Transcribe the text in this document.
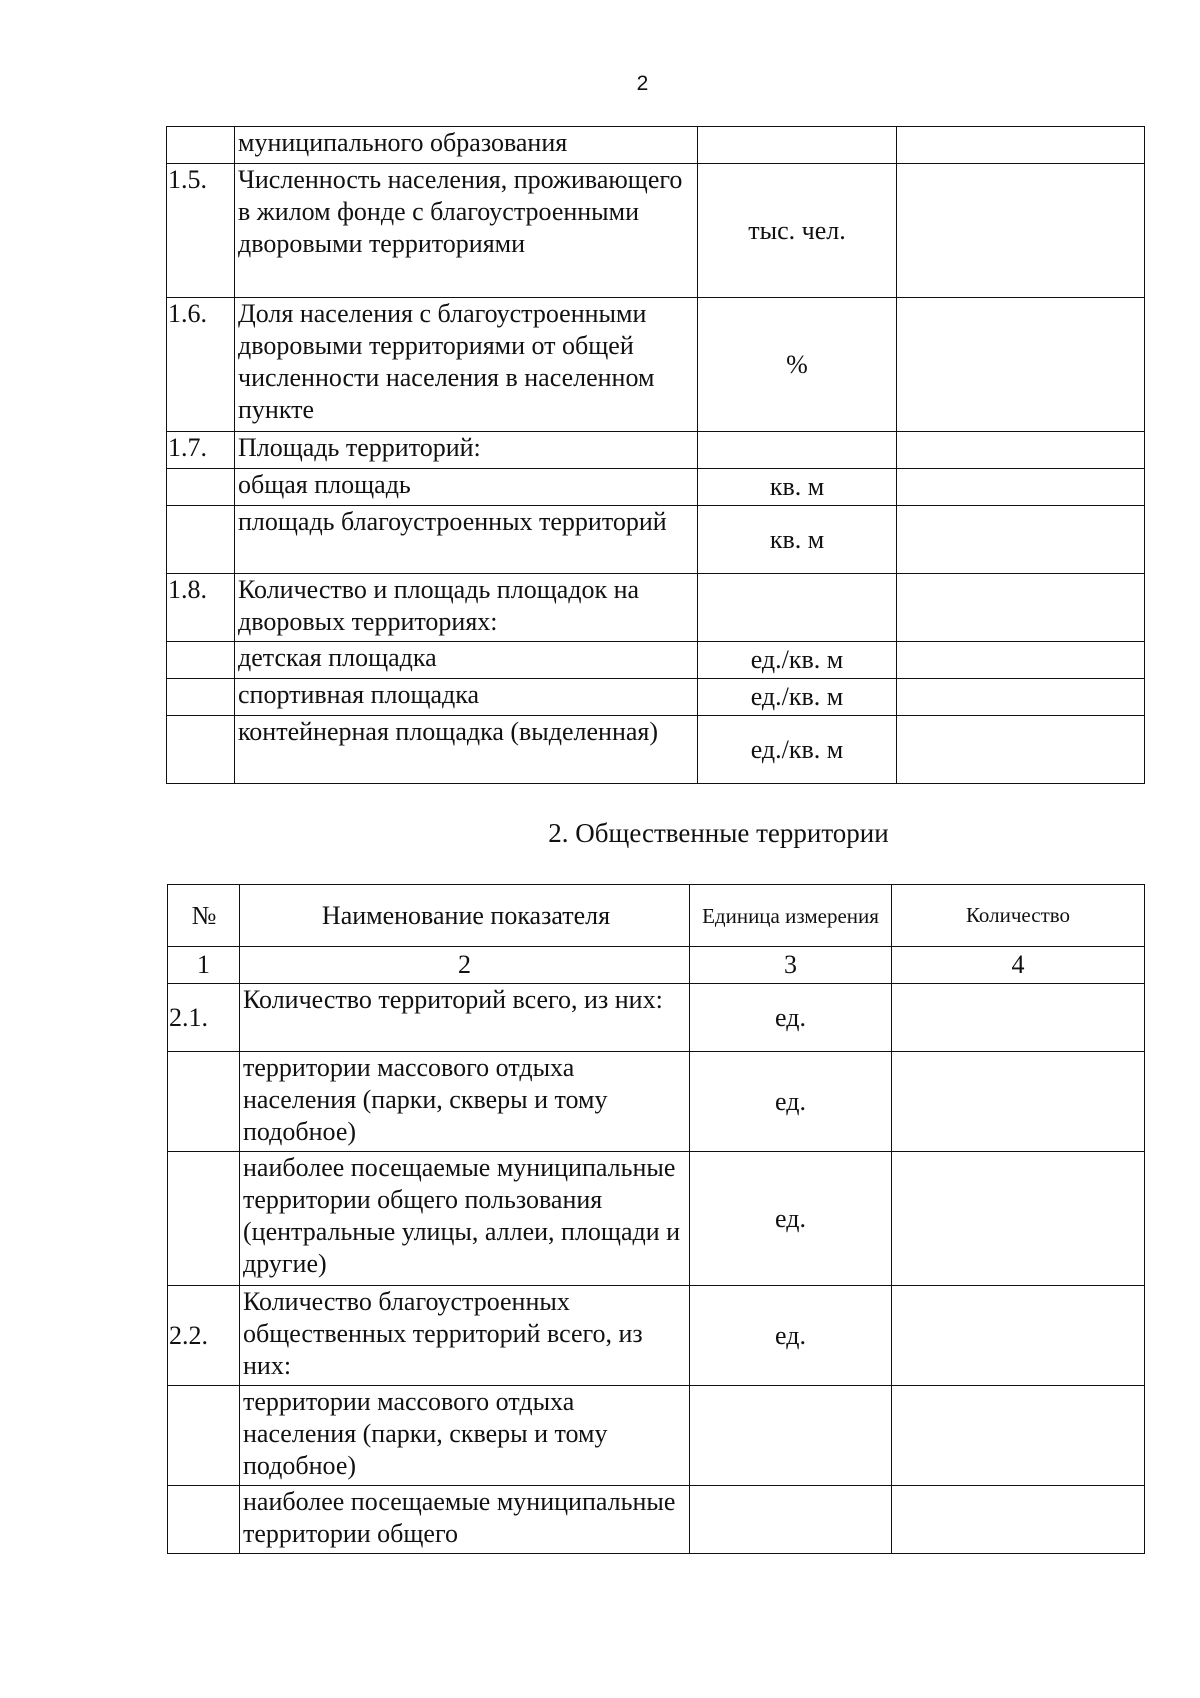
2
	муниципального образования		
1.5.	Численность населения, проживающего в жилом фонде с благоустроенными дворовыми территориями	тыс. чел.	
1.6.	Доля населения с благоустроенными дворовыми территориями от общей численности населения в населенном пункте	%	
1.7.	Площадь территорий:		
	общая площадь	кв. м	
	площадь благоустроенных территорий	кв. м	
1.8.	Количество и площадь площадок на дворовых территориях:		
	детская площадка	ед./кв. м	
	спортивная площадка	ед./кв. м	
	контейнерная площадка (выделенная)	ед./кв. м	
2. Общественные территории
№	Наименование показателя	Единица измерения	Количество
1	2	3	4
2.1.	Количество территорий всего, из них:	ед.	
	территории массового отдыха населения (парки, скверы и тому подобное)	ед.	
	наиболее посещаемые муниципальные территории общего пользования (центральные улицы, аллеи, площади и другие)	ед.	
2.2.	Количество благоустроенных общественных территорий всего, из них:	ед.	
	территории массового отдыха населения (парки, скверы и тому подобное)		
	наиболее посещаемые муниципальные территории общего		
